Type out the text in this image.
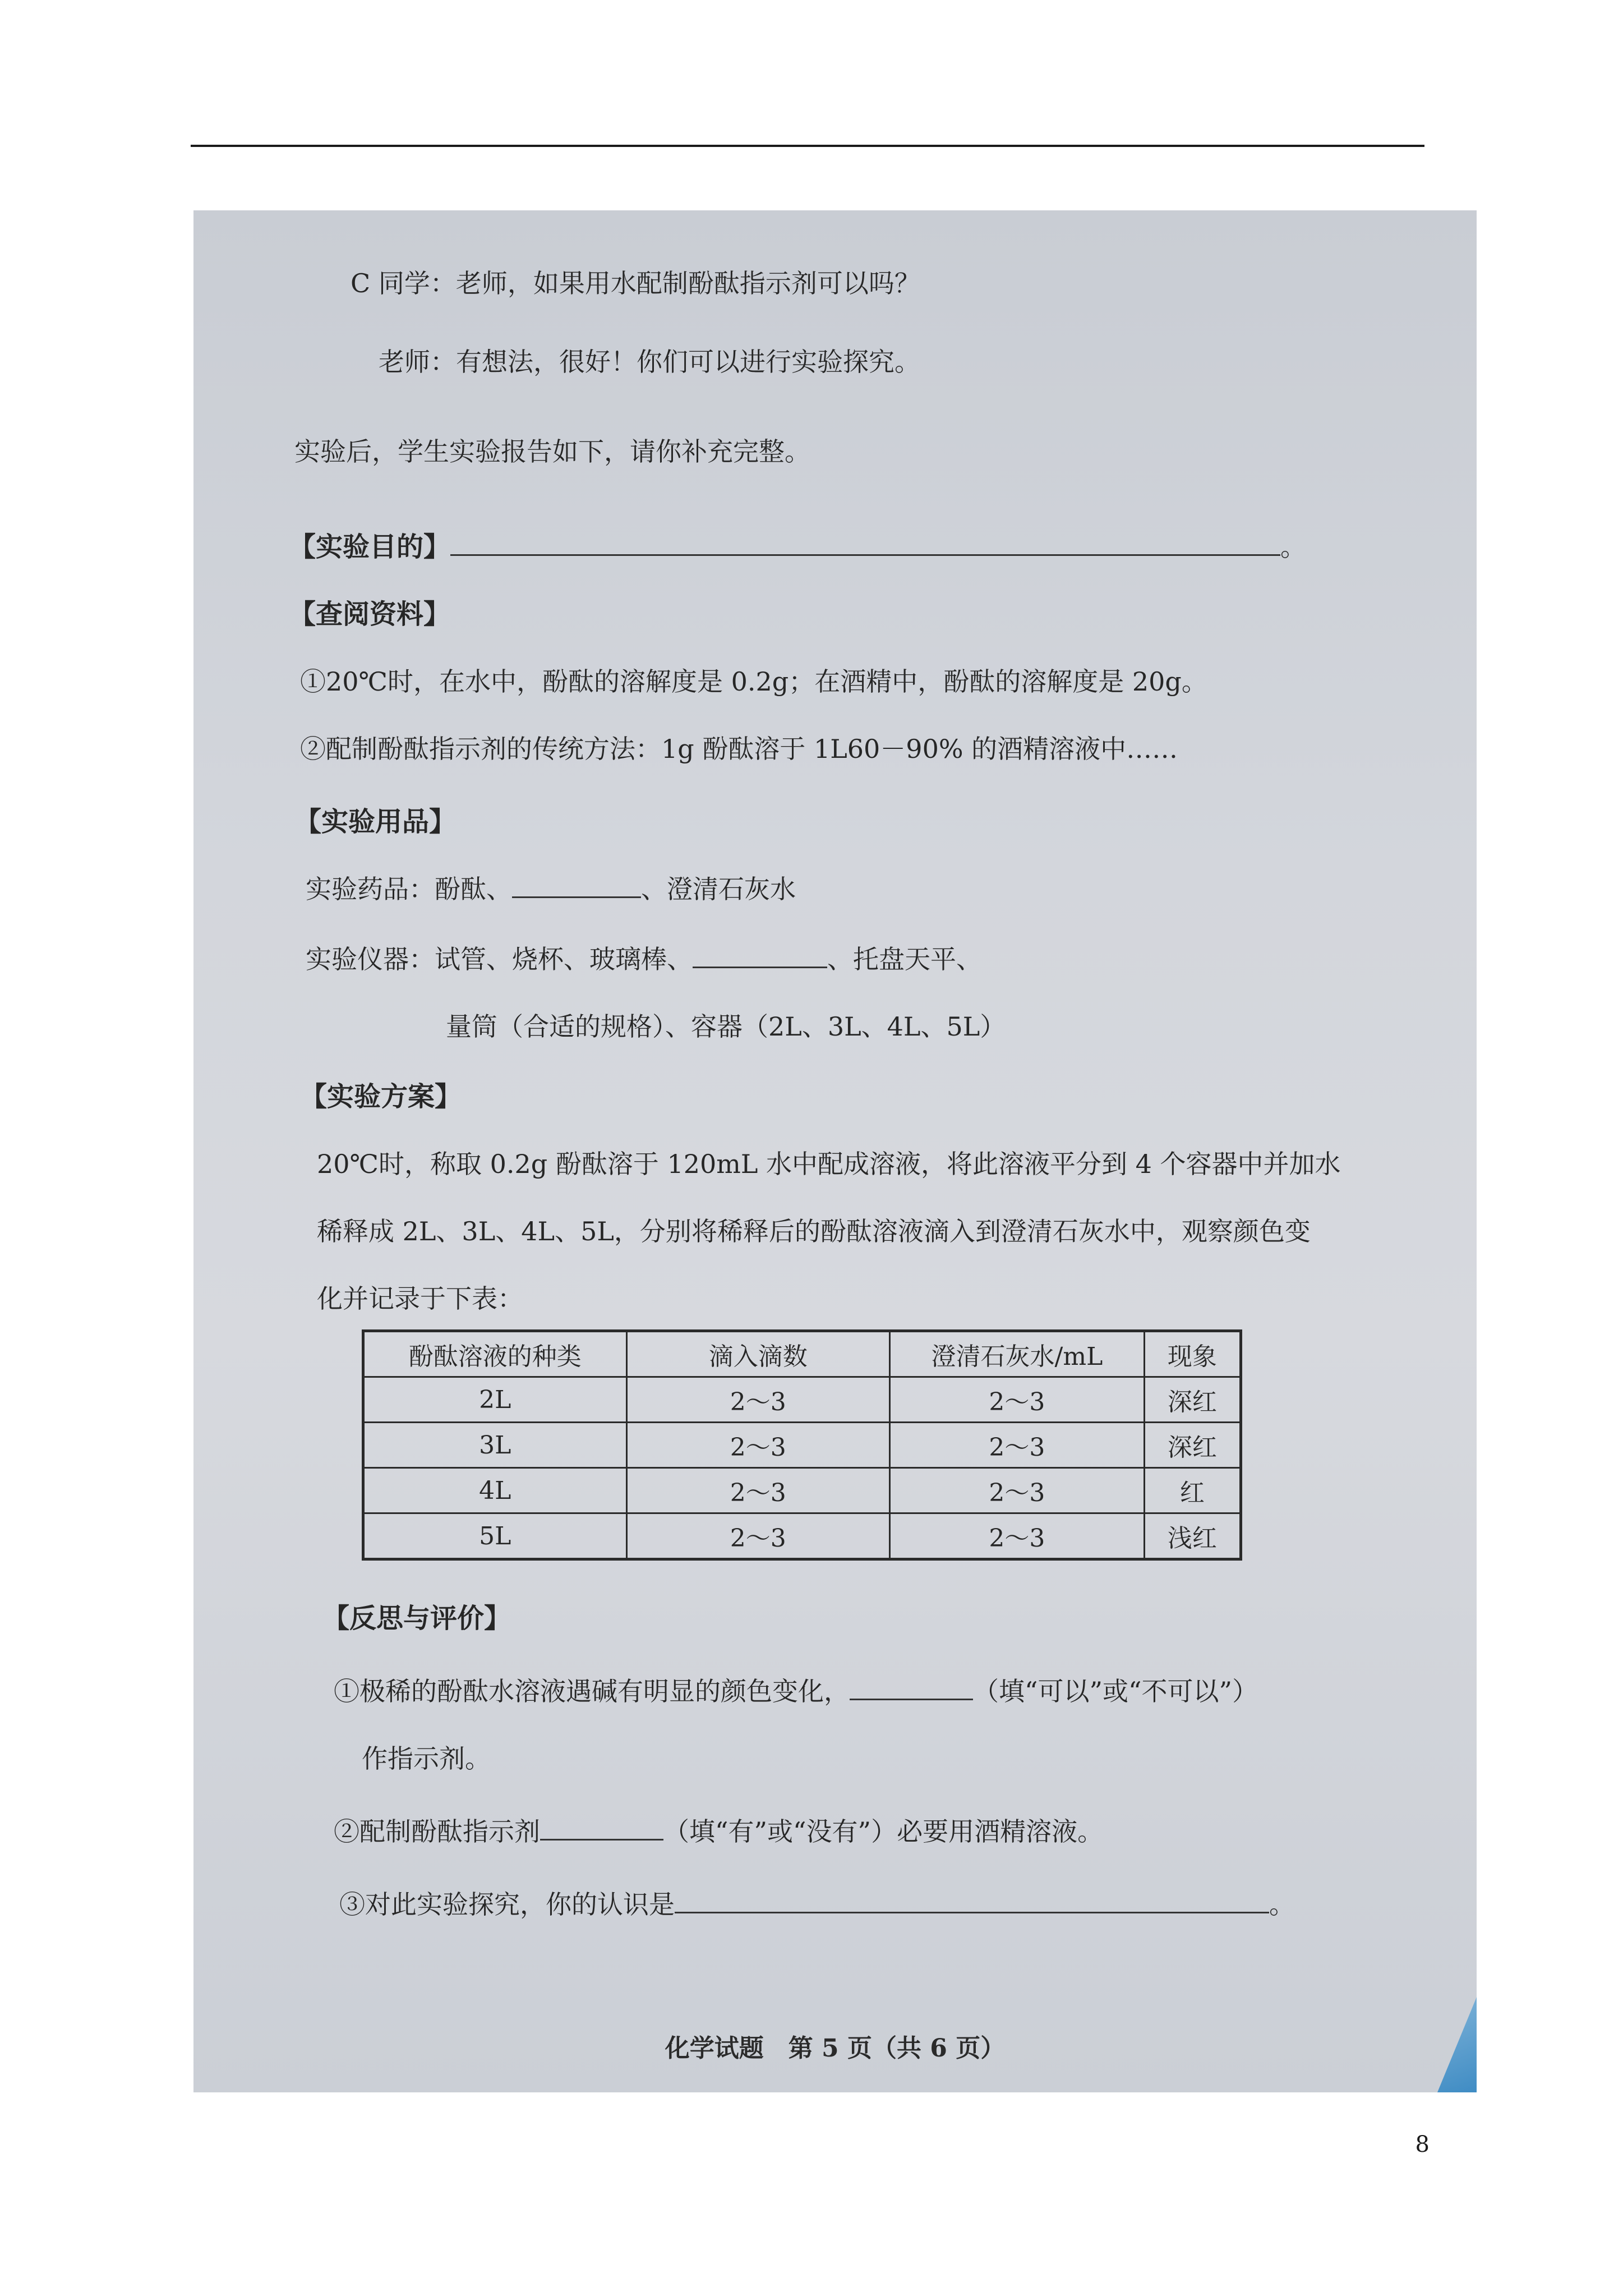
C 同学：老师，如果用水配制酚酞指示剂可以吗？
老师：有想法，很好！你们可以进行实验探究。
实验后，学生实验报告如下，请你补充完整。
【实验目的】	。
【查阅资料】
①20℃时，在水中，酚酞的溶解度是 0.2g；在酒精中，酚酞的溶解度是 20g。
②配制酚酞指示剂的传统方法：1g 酚酞溶于 1L60－90% 的酒精溶液中……
【实验用品】
实验药品：酚酞、	、澄清石灰水
实验仪器：试管、烧杯、玻璃棒、	、托盘天平、
量筒（合适的规格）、容器（2L、3L、4L、5L）
【实验方案】
20℃时，称取 0.2g 酚酞溶于 120mL 水中配成溶液，将此溶液平分到 4 个容器中并加水
稀释成 2L、3L、4L、5L，分别将稀释后的酚酞溶液滴入到澄清石灰水中，观察颜色变
化并记录于下表：
酚酞溶液的种类	滴入滴数	澄清石灰水/mL	现象
2L	2～3	2～3	深红
3L	2～3	2～3	深红
4L	2～3	2～3	红
5L	2～3	2～3	浅红
【反思与评价】
①极稀的酚酞水溶液遇碱有明显的颜色变化，	（填“可以”或“不可以”）
作指示剂。
②配制酚酞指示剂	（填“有”或“没有”）必要用酒精溶液。
③对此实验探究，你的认识是	。
化学试题　第 5 页（共 6 页）
8
